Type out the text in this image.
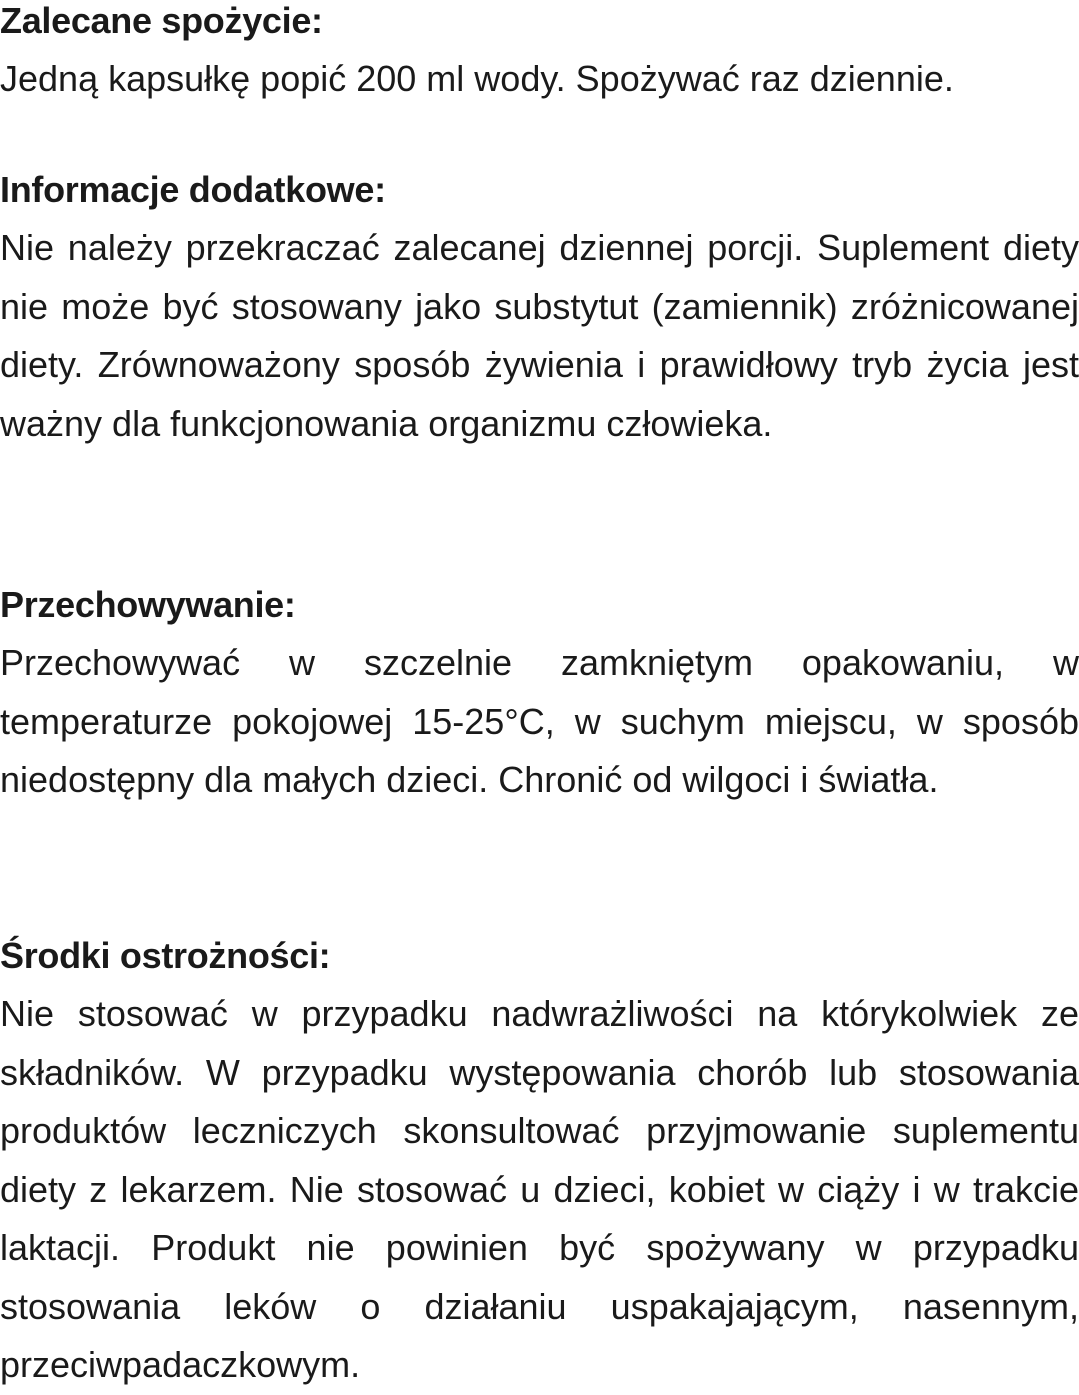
Zalecane spożycie:

Jedną kapsułkę popić 200 ml wody. Spożywać raz dziennie.

Informacje dodatkowe:

Nie należy przekraczać zalecanej dziennej porcji. Suplement diety nie może być stosowany jako substytut (zamiennik) zróżnicowanej diety. Zrównoważony sposób żywienia i prawidłowy tryb życia jest ważny dla funkcjonowania organizmu człowieka.

Przechowywanie:

Przechowywać w szczelnie zamkniętym opakowaniu, w temperaturze pokojowej 15-25°C, w suchym miejscu, w sposób niedostępny dla małych dzieci. Chronić od wilgoci i światła.

Środki ostrożności:

Nie stosować w przypadku nadwrażliwości na którykolwiek ze składników. W przypadku występowania chorób lub stosowania produktów leczniczych skonsultować przyjmowanie suplementu diety z lekarzem. Nie stosować u dzieci, kobiet w ciąży i w trakcie laktacji. Produkt nie powinien być spożywany w przypadku stosowania leków o działaniu uspakajającym, nasennym, przeciwpadaczkowym.
